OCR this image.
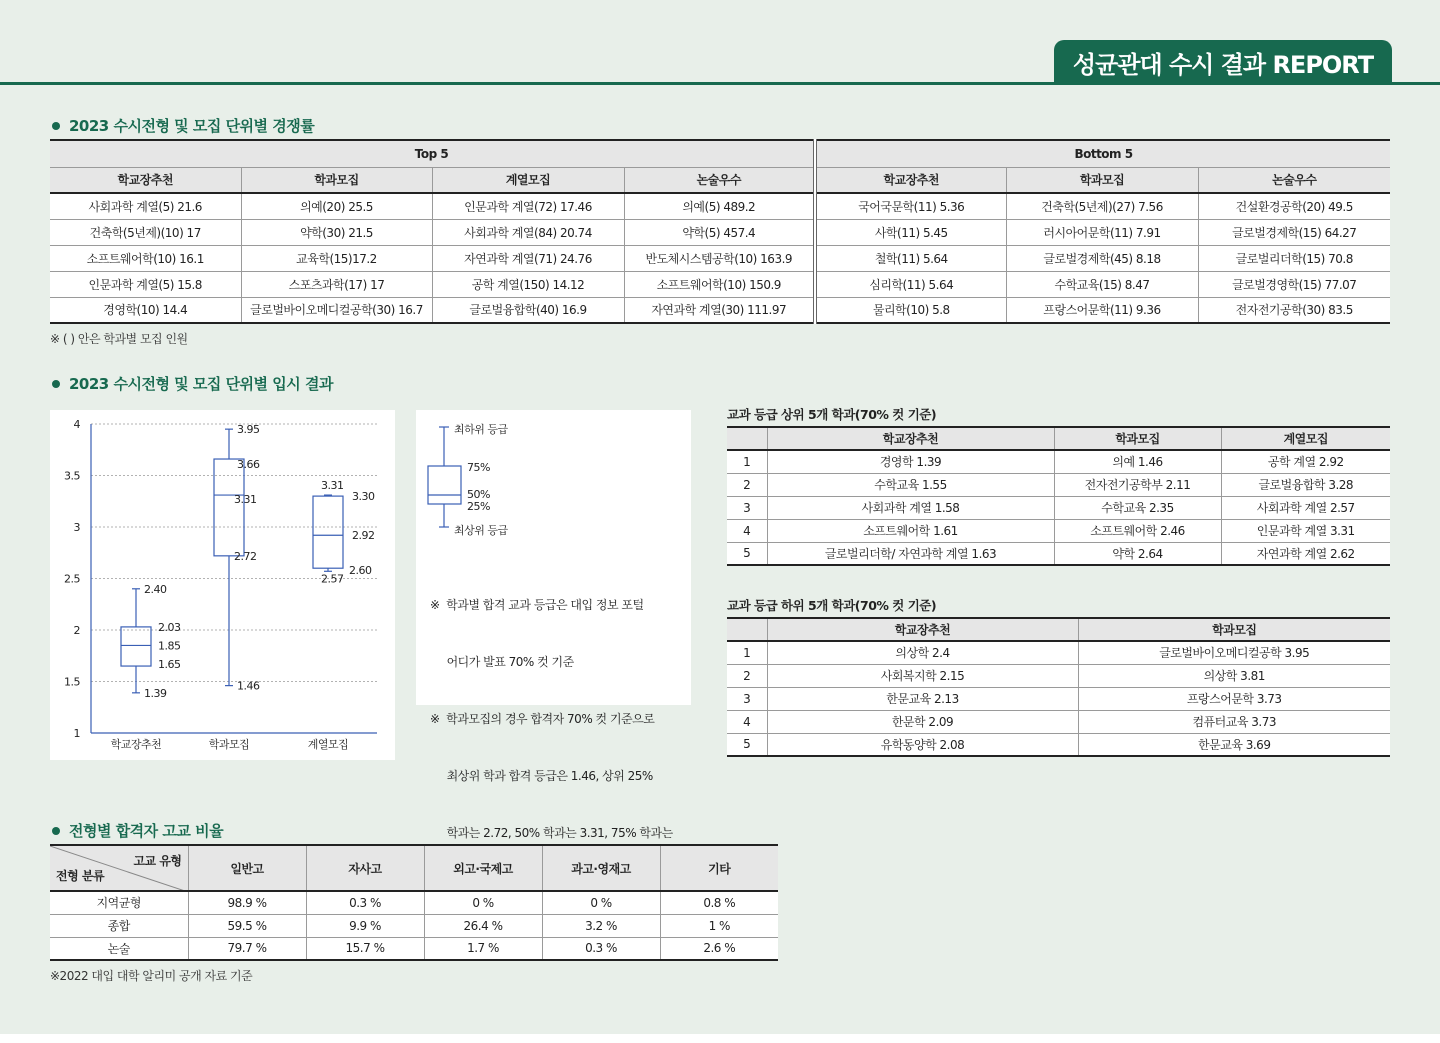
성균관대 수시 결과 REPORT
2023 수시전형 및 모집 단위별 경쟁률
Top 5				Bottom 5		
학교장추천	학과모집	계열모집	논술우수	학교장추천	학과모집	논술우수
사회과학 계열(5) 21.6	의예(20) 25.5	인문과학 계열(72) 17.46	의예(5) 489.2	국어국문학(11) 5.36	건축학(5년제)(27) 7.56	건설환경공학(20) 49.5
건축학(5년제)(10) 17	약학(30) 21.5	사회과학 계열(84) 20.74	약학(5) 457.4	사학(11) 5.45	러시아어문학(11) 7.91	글로벌경제학(15) 64.27
소프트웨어학(10) 16.1	교육학(15)17.2	자연과학 계열(71) 24.76	반도체시스템공학(10) 163.9	철학(11) 5.64	글로벌경제학(45) 8.18	글로벌리더학(15) 70.8
인문과학 계열(5) 15.8	스포츠과학(17) 17	공학 계열(150) 14.12	소프트웨어학(10) 150.9	심리학(11) 5.64	수학교육(15) 8.47	글로벌경영학(15) 77.07
경영학(10) 14.4	글로벌바이오메디컬공학(30) 16.7	글로벌융합학(40) 16.9	자연과학 계열(30) 111.97	물리학(10) 5.8	프랑스어문학(11) 9.36	전자전기공학(30) 83.5
※ ( ) 안은 학과별 모집 인원
2023 수시전형 및 모집 단위별 입시 결과
1
1.5
2
2.5
3
3.5
4
2.40
2.03
1.85
1.65
1.39
학교장추천
3.95
3.66
3.31
2.72
1.46
학과모집
3.31
3.30
2.92
2.60
2.57
계열모집
최하위 등급
75%
50%
25%
최상위 등급

※  학과별 합격 교과 등급은 대입 정보 포털

어디가 발표 70% 컷 기준

※  학과모집의 경우 합격자 70% 컷 기준으로

최상위 학과 합격 등급은 1.46, 상위 25%

학과는 2.72, 50% 학과는 3.31, 75% 학과는

교과 등급 상위 5개 학과(70% 컷 기준)
	학교장추천	학과모집	계열모집
1	경영학 1.39	의예 1.46	공학 계열 2.92
2	수학교육 1.55	전자전기공학부 2.11	글로벌융합학 3.28
3	사회과학 계열 1.58	수학교육 2.35	사회과학 계열 2.57
4	소프트웨어학 1.61	소프트웨어학 2.46	인문과학 계열 3.31
5	글로벌리더학/ 자연과학 계열 1.63	약학 2.64	자연과학 계열 2.62
교과 등급 하위 5개 학과(70% 컷 기준)
	학교장추천	학과모집
1	의상학 2.4	글로벌바이오메디컬공학 3.95
2	사회복지학 2.15	의상학 3.81
3	한문교육 2.13	프랑스어문학 3.73
4	한문학 2.09	컴퓨터교육 3.73
5	유학동양학 2.08	한문교육 3.69
전형별 합격자 고교 비율
고교 유형
전형 분류	일반고	자사고	외고·국제고	과고·영재고	기타
지역균형	98.9 %	0.3 %	0 %	0 %	0.8 %
종합	59.5 %	9.9 %	26.4 %	3.2 %	1 %
논술	79.7 %	15.7 %	1.7 %	0.3 %	2.6 %
※2022 대입 대학 알리미 공개 자료 기준
